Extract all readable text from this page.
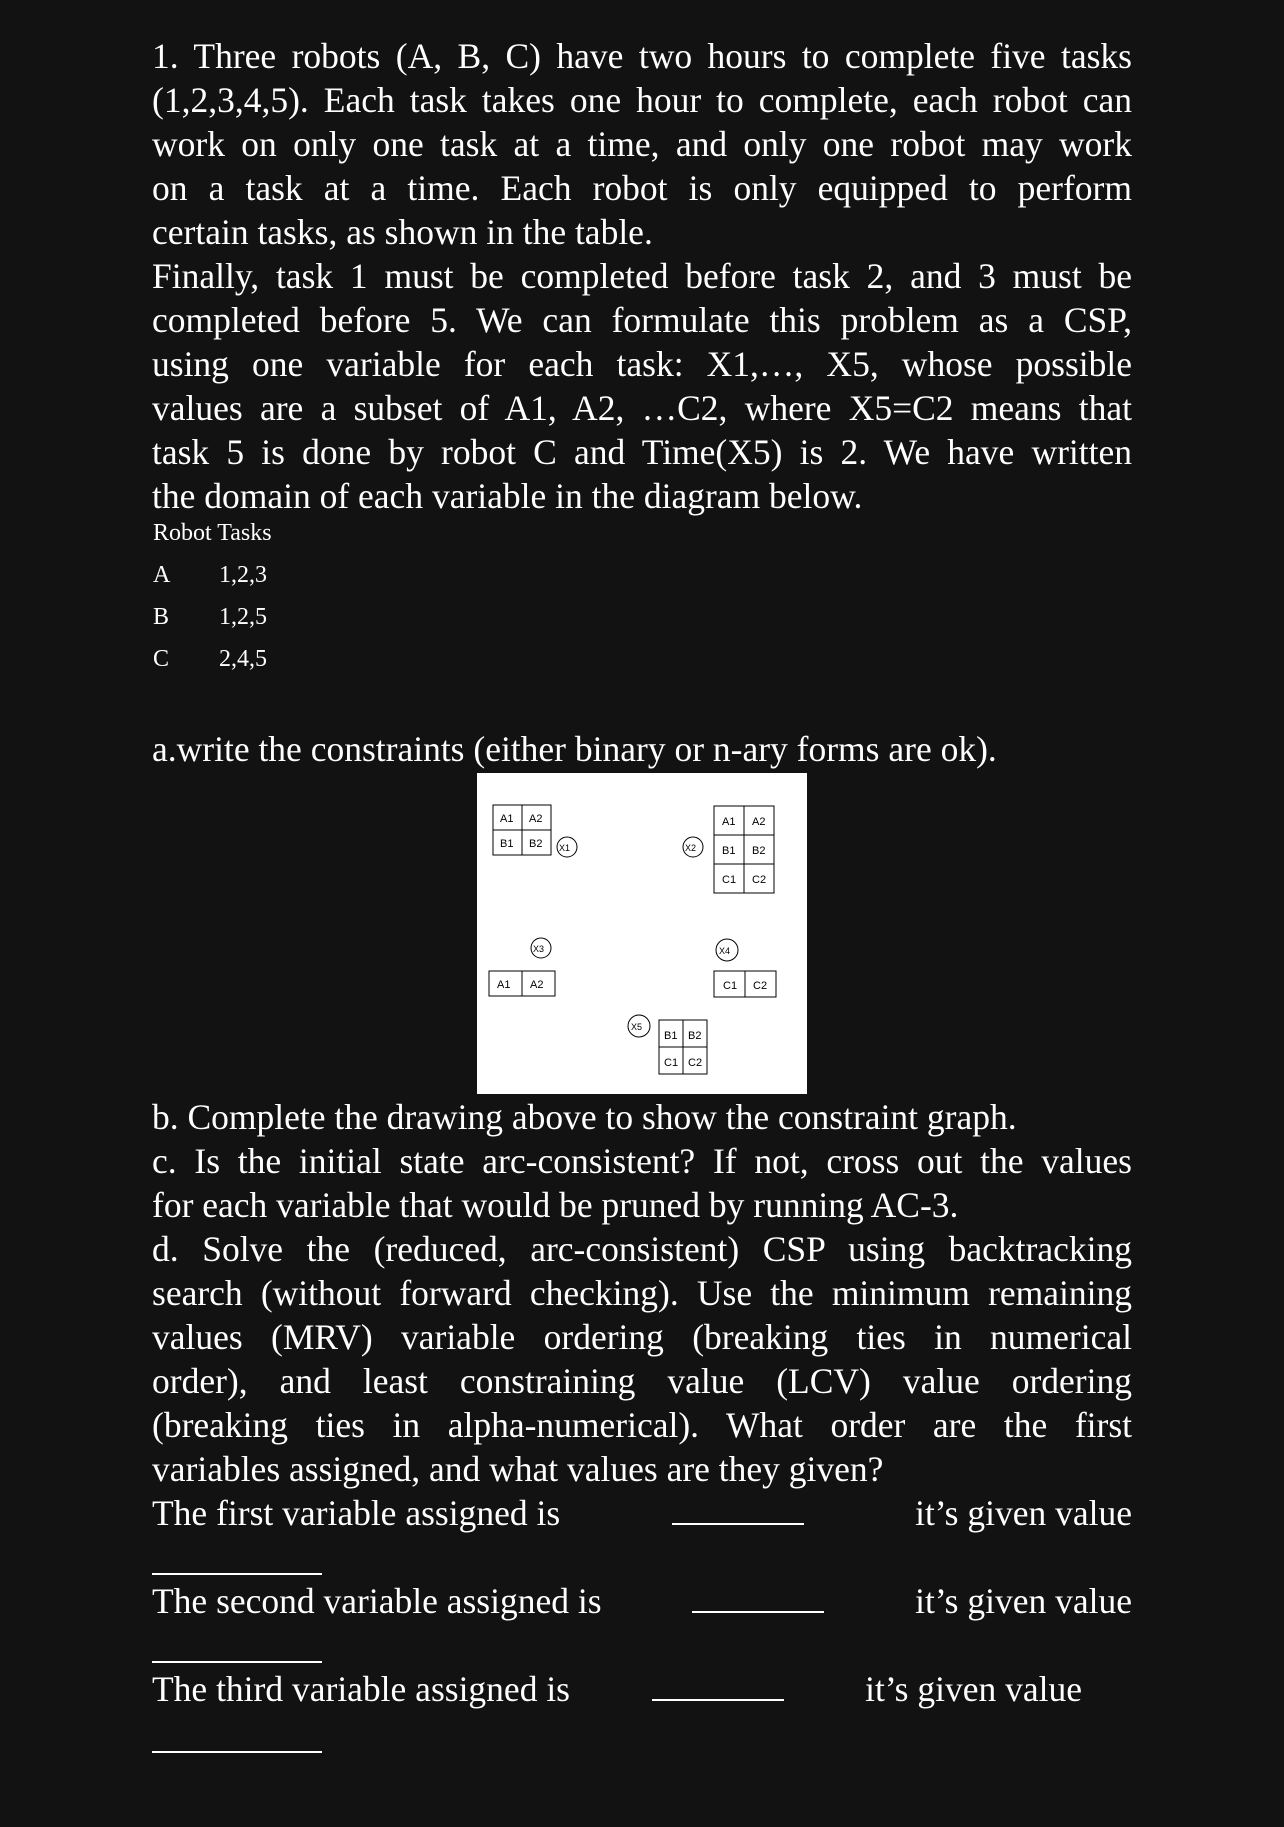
1. Three robots (A, B, C) have two hours to complete five tasks
(1,2,3,4,5). Each task takes one hour to complete, each robot can
work on only one task at a time, and only one robot may work
on a task at a time. Each robot is only equipped to perform
certain tasks, as shown in the table.
Finally, task 1 must be completed before task 2, and 3 must be
completed before 5. We can formulate this problem as a CSP,
using one variable for each task: X1,…, X5, whose possible
values are a subset of A1, A2, …C2, where X5=C2 means that
task 5 is done by robot C and Time(X5) is 2. We have written
the domain of each variable in the diagram below.
Robot Tasks
A 1,2,3
B 1,2,5
C 2,4,5
a.write the constraints (either binary or n-ary forms are ok).
A1 A2
B1 B2 X1
A1 A2
B1 B2
C1 C2
X2
X3
A1 A2
X4
C1 C2
X5
B1 B2
C1 C2
b. Complete the drawing above to show the constraint graph.
c. Is the initial state arc-consistent? If not, cross out the values
for each variable that would be pruned by running AC-3.
d. Solve the (reduced, arc-consistent) CSP using backtracking
search (without forward checking). Use the minimum remaining
values (MRV) variable ordering (breaking ties in numerical
order), and least constraining value (LCV) value ordering
(breaking ties in alpha-numerical). What order are the first
variables assigned, and what values are they given?
The first variable assigned is	it’s given value
The second variable assigned is	it’s given value
The third variable assigned is	it’s given value
